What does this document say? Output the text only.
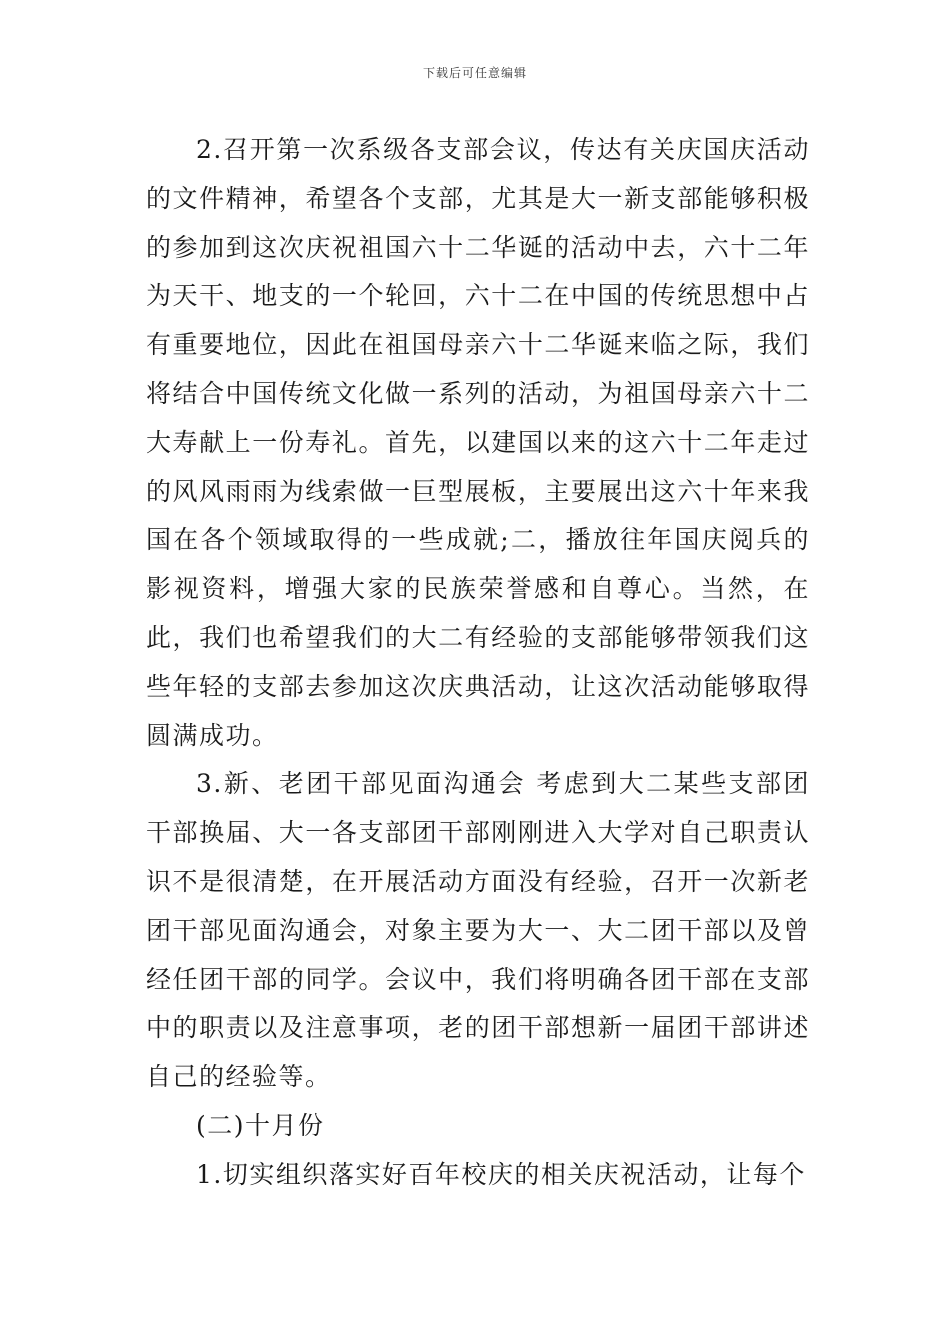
下载后可任意编辑

2.召开第一次系级各支部会议，传达有关庆国庆活动的文件精神，希望各个支部，尤其是大一新支部能够积极的参加到这次庆祝祖国六十二华诞的活动中去，六十二年为天干、地支的一个轮回，六十二在中国的传统思想中占有重要地位，因此在祖国母亲六十二华诞来临之际，我们将结合中国传统文化做一系列的活动，为祖国母亲六十二大寿献上一份寿礼。首先，以建国以来的这六十二年走过的风风雨雨为线索做一巨型展板，主要展出这六十年来我国在各个领域取得的一些成就;二，播放往年国庆阅兵的影视资料，增强大家的民族荣誉感和自尊心。当然，在此，我们也希望我们的大二有经验的支部能够带领我们这些年轻的支部去参加这次庆典活动，让这次活动能够取得圆满成功。

3.新、老团干部见面沟通会 考虑到大二某些支部团干部换届、大一各支部团干部刚刚进入大学对自己职责认识不是很清楚，在开展活动方面没有经验，召开一次新老团干部见面沟通会，对象主要为大一、大二团干部以及曾经任团干部的同学。会议中，我们将明确各团干部在支部中的职责以及注意事项，老的团干部想新一届团干部讲述自己的经验等。

(二)十月份

1.切实组织落实好百年校庆的相关庆祝活动，让每个
